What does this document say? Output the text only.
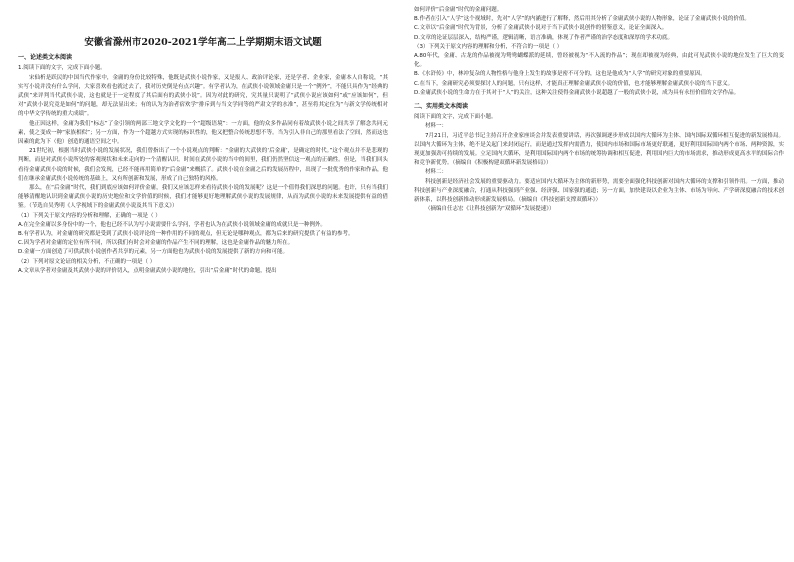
安徽省滁州市2020-2021学年高二上学期期末语文试题
一、论述类文本阅读

1.阅读下面的文字，完成下面小题。

宋仙析是跃民的中国当代作家中，金庸的身份比较特殊，他既是武侠小说作家，又是报人、政治评论家，还是学者、企业家，金庸本人自称说，“其实写小说并没有什么学问，大家喜欢看也就过去了，我对历史倒是有点兴趣”。有学者认为，在武侠小说领域金庸只是一个“例外”，不能只具作为“经典的武侠”来评判当代武侠小说，这也就是于一定程度了其后面有的武侠小说”。因为对此的研究，究其量只说明了“武侠小说应该如何”或“应该如何”，但对“武侠小说究竟是如何”的问题，却无法显出来；有的认为为治者宿欢学“排斥到与当文学同等的严肃文学的水准”，甚至将其定位为“与新文学传统相对的中华文学传统的重大成绩”。

他正因这样，金庸为我们“标志”了金引领的两部三地文学文化的一个“超级语境”：一方面，他的众多作品同有着故武侠小说之间共享了解念共同元素，使之变成一种“家族相似”；另一方面，作为一个超越方式实现的标识性的，他又把整合传统思想不等。当为引入非自己的那里看法了空间，然而这也因素的此为下（他）创造的通语空间之中。

21世纪初，根据当时武侠小说的发展状况，我们曾指出了一个小说观点的判断：“金庸的大武侠的‘后金庸’，是确定的时代。”这个观点并不是悲观的判断，而是对武侠小说所处的客观现状和未来走向的一个清醒认识。时间在武侠小说的当中的间里，我们仍然坚信这一观点的正确性。但是，当我们回头看待金庸武侠小说的时候，我们会发现，已经不能再用简单的“后金庸”来概括了。武侠小说在金庸之后的发展历程中，出现了一批优秀的作家和作品，他们在继承金庸武侠小说传统的基础上，又有所创新和发展，形成了自己独特的风格。

那么，在“后金庸”时代，我们到底应该如何评价金庸，我们又应该怎样来看待武侠小说的发展呢？这是一个值得我们深思的问题。也许，只有当我们能够清醒地认识到金庸武侠小说的历史地位和文学价值的时候，我们才能够更好地理解武侠小说的发展规律，从而为武侠小说的未来发展提供有益的借鉴。（节选自吴秀明《人学视域下的金庸武侠小说及其当下意义》）

（1）下列关于原文内容的分析和理解，正确的一项是（ ）

A.在完全金庸以多身份中的一个，他也已经不认为写小说需要什么学问，学者也认为在武侠小说领域金庸的成就只是一种例外。

B.有学者认为，对金庸的研究都是受到了武侠小说评论的一种作用的不同的观点，但无论是哪种观点，都为后来的研究提供了有益的参考。

C.因为学者对金庸的定位有所不同，所以我们有时会对金庸的作品产生不同的理解，这也是金庸作品的魅力所在。

D.金庸一方面创造了可供武侠小说创作者共享的元素，另一方面他也为武侠小说的发展提供了新的方向和可能。

（2）下列对原文论证的相关分析，不正确的一项是（ ）

A.文章从学者对金庸及其武侠小说的评价切入，点明金庸武侠小说的地位，引出“后金庸”时代的命题，提出

如何评价“后金庸”时代的金庸问题。

B.作者在引入“人学”这个视域时，先对“人学”的内涵进行了解释，然后用其分析了金庸武侠小说的人物形象，论证了金庸武侠小说的价值。

C.文章以“后金庸”时代为背景，分析了金庸武侠小说对于当下武侠小说创作的借鉴意义，论证全面深入。

D.文章的论证层层深入，结构严谨，逻辑清晰，语言准确，体现了作者严谨的治学态度和深厚的学术功底。

（3）下列关于原文内容的理解和分析，不符合的一项是（ ）

A.80年代，金庸、古龙的作品被视为鸳鸯蝴蝶派的延续，曾经被视为“不入流的作品”；现在却被视为经典，由此可见武侠小说的地位发生了巨大的变化。

B.《水浒传》中，林冲复杂的人物性格与他身上发生的故事是密不可分的，这也是他成为“人学”的研究对象的重要原因。

C.在当下，金庸研究必须要探讨人的问题，只有这样，才能真正理解金庸武侠小说的价值，也才能够理解金庸武侠小说的当下意义。

D.金庸武侠小说的生命力在于其对于“人”的关注，这种关注使得金庸武侠小说超越了一般的武侠小说，成为具有永恒价值的文学作品。

二、实用类文本阅读

阅读下面的文字，完成下面小题。

材料一：

7月21日，习近平总书记主持召开企业家座谈会并发表重要讲话，再次强调逐步形成以国内大循环为主体、国内国际双循环相互促进的新发展格局。以国内大循环为主体，绝不是关起门来封闭运行，而是通过发挥内需潜力，使国内市场和国际市场更好联通，更好利用国际国内两个市场、两种资源，实现更加强劲可持续的发展。立足国内大循环，是利用国际国内两个市场的统筹协调和相互促进，利用国内巨大的市场需求，推动形成更高水平的国际合作和竞争新优势。（摘编自《积极构建双循环新发展格局》）

材料二：

科技创新是经济社会发展的重要驱动力。要适应国内大循环为主体的新形势，需要全面强化科技创新对国内大循环的支撑和引领作用。一方面，推动科技创新与产业深度融合，打通从科技强到产业强、经济强、国家强的通道；另一方面，加快建设以企业为主体、市场为导向、产学研深度融合的技术创新体系，以科技创新推动形成新发展格局。（摘编自《科技创新支撑双循环》）

（摘编自任志宏《让科技创新为“双循环”发展提速》）
